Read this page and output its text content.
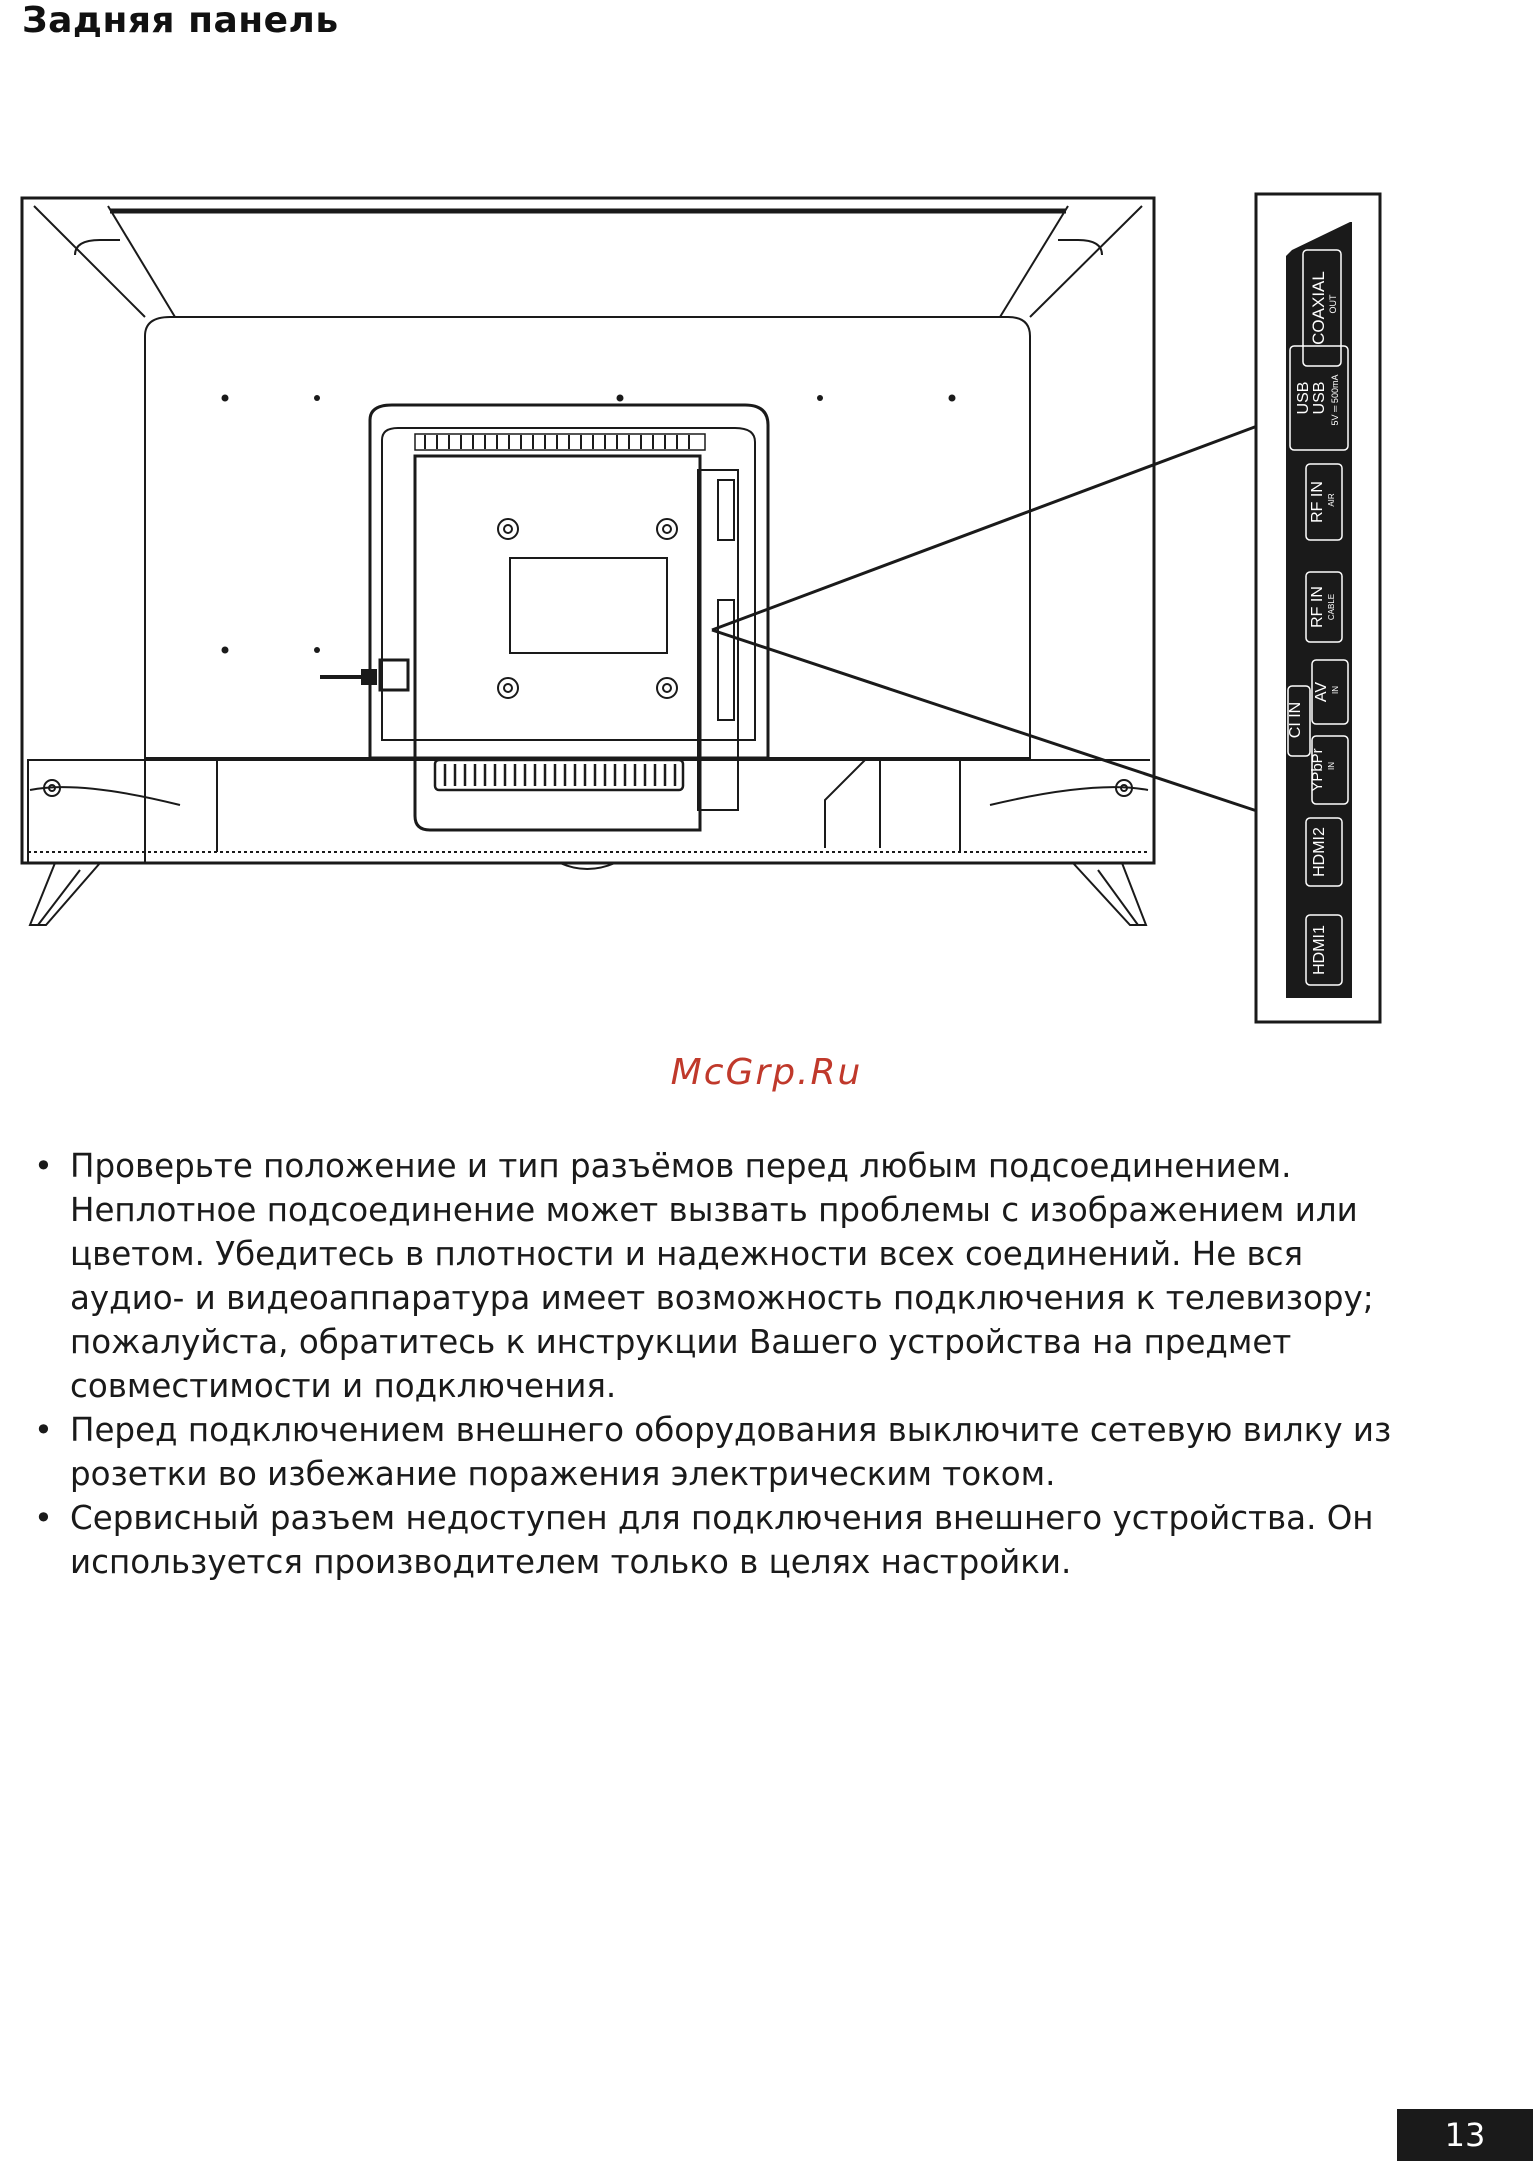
Задняя панель
COAXIAL OUT
USB USB 5V ═ 500mA
RF IN AIR
RF IN CABLE
CI IN
AV IN
YPbPr IN
HDMI2
HDMI1
McGrp.Ru
• Проверьте положение и тип разъёмов перед любым подсоединением. Неплотное подсоединение может вызвать проблемы с изображением или цветом. Убедитесь в плотности и надежности всех соединений. Не вся аудио- и видеоаппаратура имеет возможность подключения к телевизору; пожалуйста, обратитесь к инструкции Вашего устройства на предмет совместимости и подключения.
• Перед подключением внешнего оборудования выключите сетевую вилку из розетки во избежание поражения электрическим током.
• Сервисный разъем недоступен для подключения внешнего устройства. Он используется производителем только в целях настройки.
13
